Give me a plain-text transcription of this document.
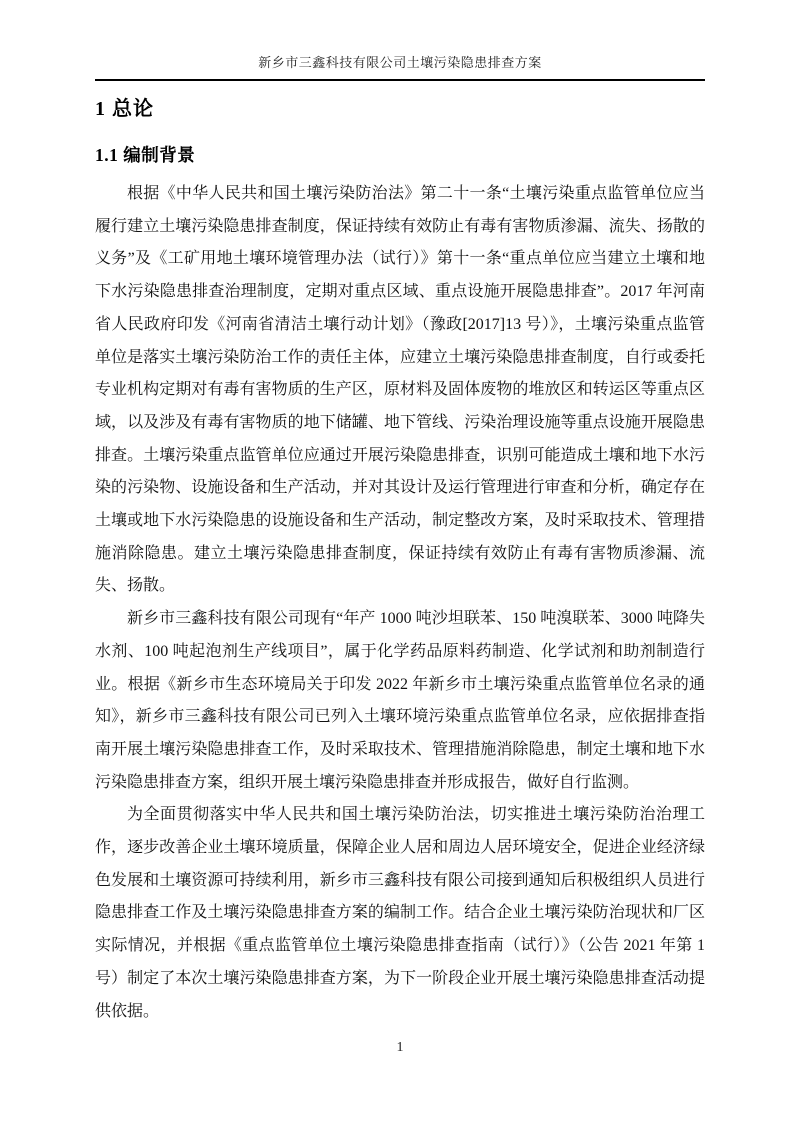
新乡市三鑫科技有限公司土壤污染隐患排查方案
1 总论
1.1 编制背景

根据《中华人民共和国土壤污染防治法》第二十一条“土壤污染重点监管单位应当履行建立土壤污染隐患排查制度，保证持续有效防止有毒有害物质渗漏、流失、扬散的义务”及《工矿用地土壤环境管理办法（试行）》第十一条“重点单位应当建立土壤和地下水污染隐患排查治理制度，定期对重点区域、重点设施开展隐患排查”。2017 年河南省人民政府印发《河南省清洁土壤行动计划》（豫政[2017]13 号）》，土壤污染重点监管单位是落实土壤污染防治工作的责任主体，应建立土壤污染隐患排查制度，自行或委托专业机构定期对有毒有害物质的生产区，原材料及固体废物的堆放区和转运区等重点区域，以及涉及有毒有害物质的地下储罐、地下管线、污染治理设施等重点设施开展隐患排查。土壤污染重点监管单位应通过开展污染隐患排查，识别可能造成土壤和地下水污染的污染物、设施设备和生产活动，并对其设计及运行管理进行审查和分析，确定存在土壤或地下水污染隐患的设施设备和生产活动，制定整改方案，及时采取技术、管理措施消除隐患。建立土壤污染隐患排查制度，保证持续有效防止有毒有害物质渗漏、流失、扬散。

新乡市三鑫科技有限公司现有“年产 1000 吨沙坦联苯、150 吨溴联苯、3000 吨降失水剂、100 吨起泡剂生产线项目”，属于化学药品原料药制造、化学试剂和助剂制造行业。根据《新乡市生态环境局关于印发 2022 年新乡市土壤污染重点监管单位名录的通知》，新乡市三鑫科技有限公司已列入土壤环境污染重点监管单位名录，应依据排查指南开展土壤污染隐患排查工作，及时采取技术、管理措施消除隐患，制定土壤和地下水污染隐患排查方案，组织开展土壤污染隐患排查并形成报告，做好自行监测。

为全面贯彻落实中华人民共和国土壤污染防治法，切实推进土壤污染防治治理工作，逐步改善企业土壤环境质量，保障企业人居和周边人居环境安全，促进企业经济绿色发展和土壤资源可持续利用，新乡市三鑫科技有限公司接到通知后积极组织人员进行隐患排查工作及土壤污染隐患排查方案的编制工作。结合企业土壤污染防治现状和厂区实际情况，并根据《重点监管单位土壤污染隐患排查指南（试行）》（公告 2021 年第 1 号）制定了本次土壤污染隐患排查方案，为下一阶段企业开展土壤污染隐患排查活动提供依据。

1
